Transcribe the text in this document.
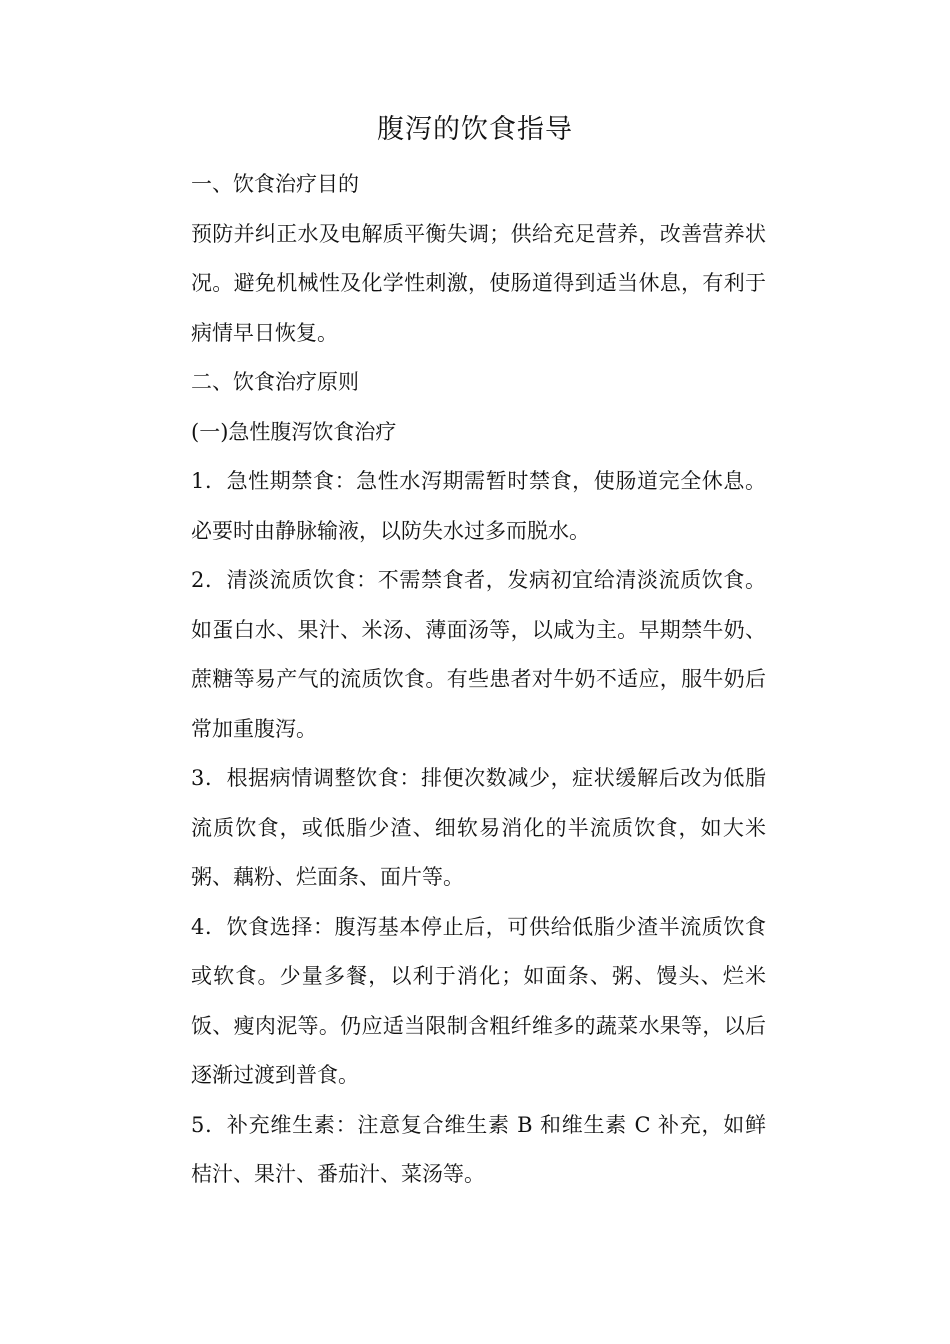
腹泻的饮食指导

一、饮食治疗目的

预防并纠正水及电解质平衡失调；供给充足营养，改善营养状况。避免机械性及化学性刺激，使肠道得到适当休息，有利于病情早日恢复。

二、饮食治疗原则

(一)急性腹泻饮食治疗

1．急性期禁食：急性水泻期需暂时禁食，使肠道完全休息。必要时由静脉输液，以防失水过多而脱水。

2．清淡流质饮食：不需禁食者，发病初宜给清淡流质饮食。如蛋白水、果汁、米汤、薄面汤等，以咸为主。早期禁牛奶、蔗糖等易产气的流质饮食。有些患者对牛奶不适应，服牛奶后常加重腹泻。

3．根据病情调整饮食：排便次数减少，症状缓解后改为低脂流质饮食，或低脂少渣、细软易消化的半流质饮食，如大米粥、藕粉、烂面条、面片等。

4．饮食选择：腹泻基本停止后，可供给低脂少渣半流质饮食或软食。少量多餐，以利于消化；如面条、粥、馒头、烂米饭、瘦肉泥等。仍应适当限制含粗纤维多的蔬菜水果等，以后逐渐过渡到普食。

5．补充维生素：注意复合维生素 B 和维生素 C 补充，如鲜桔汁、果汁、番茄汁、菜汤等。
